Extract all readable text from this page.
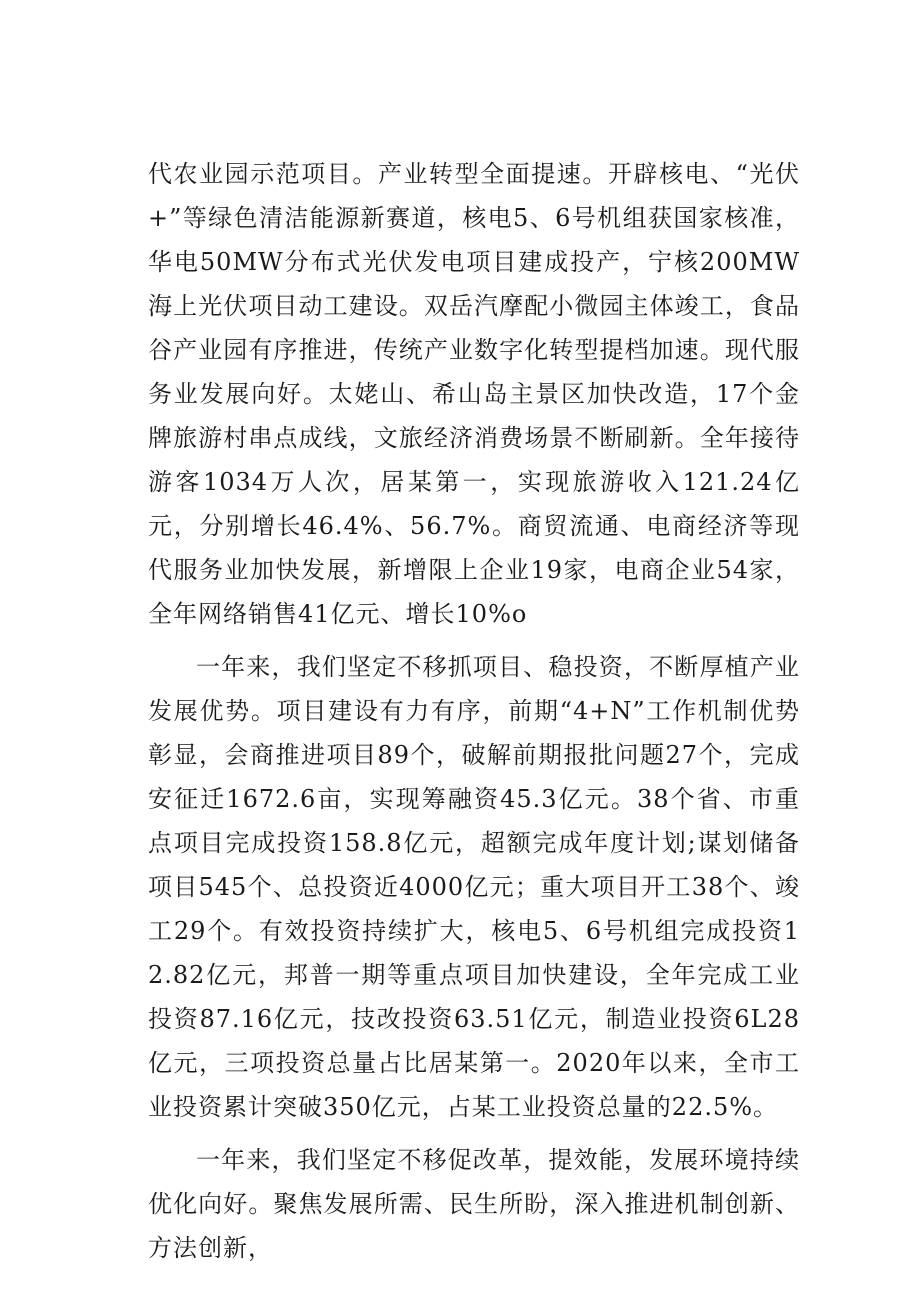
代农业园示范项目。产业转型全面提速。开辟核电、“光伏+”等绿色清洁能源新赛道，核电5、6号机组获国家核准，华电50MW分布式光伏发电项目建成投产，宁核200MW海上光伏项目动工建设。双岳汽摩配小微园主体竣工，食品谷产业园有序推进，传统产业数字化转型提档加速。现代服务业发展向好。太姥山、希山岛主景区加快改造，17个金牌旅游村串点成线，文旅经济消费场景不断刷新。全年接待游客1034万人次，居某第一，实现旅游收入121.24亿元，分别增长46.4%、56.7%。商贸流通、电商经济等现代服务业加快发展，新增限上企业19家，电商企业54家，全年网络销售41亿元、增长10%o

一年来，我们坚定不移抓项目、稳投资，不断厚植产业发展优势。项目建设有力有序，前期“4+N”工作机制优势彰显，会商推进项目89个，破解前期报批问题27个，完成安征迁1672.6亩，实现筹融资45.3亿元。38个省、市重点项目完成投资158.8亿元，超额完成年度计划;谋划储备项目545个、总投资近4000亿元；重大项目开工38个、竣工29个。有效投资持续扩大，核电5、6号机组完成投资12.82亿元，邦普一期等重点项目加快建设，全年完成工业投资87.16亿元，技改投资63.51亿元，制造业投资6L28亿元，三项投资总量占比居某第一。2020年以来，全市工业投资累计突破350亿元，占某工业投资总量的22.5%。

一年来，我们坚定不移促改革，提效能，发展环境持续优化向好。聚焦发展所需、民生所盼，深入推进机制创新、方法创新，
